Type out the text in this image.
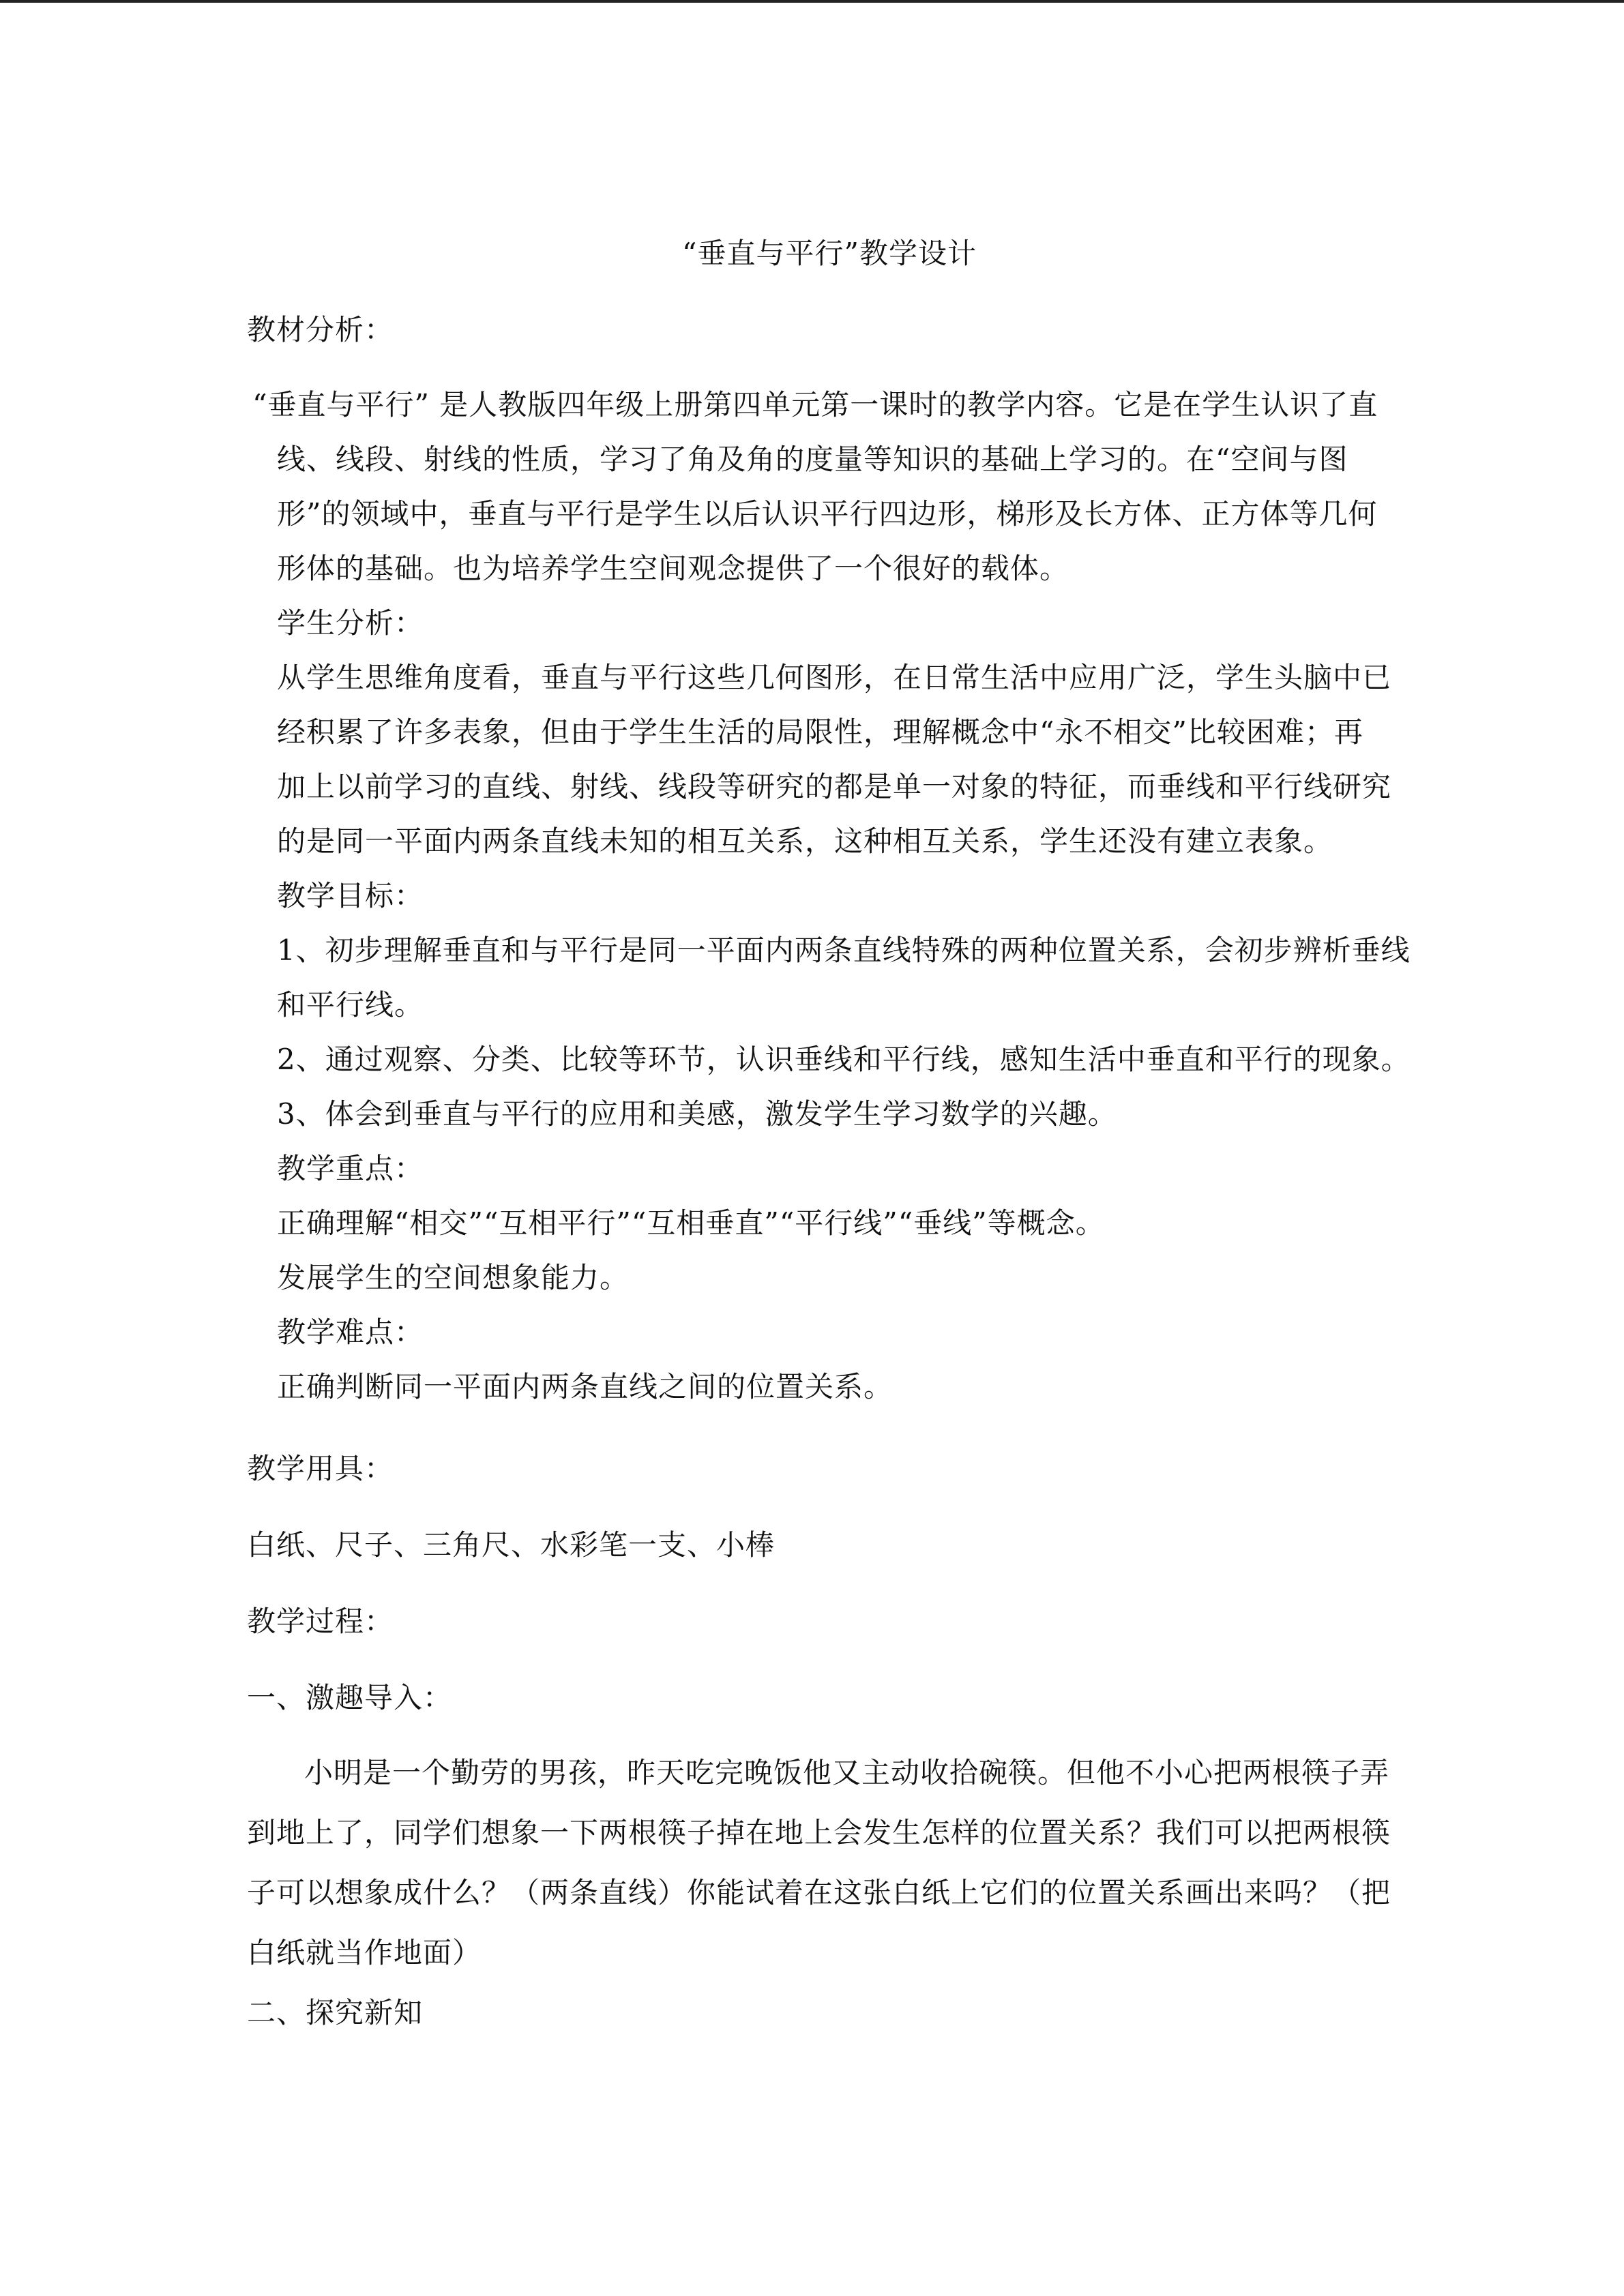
“垂直与平行”教学设计
教材分析：
“垂直与平行” 是人教版四年级上册第四单元第一课时的教学内容。它是在学生认识了直
线、线段、射线的性质，学习了角及角的度量等知识的基础上学习的。在“空间与图
形”的领域中，垂直与平行是学生以后认识平行四边形，梯形及长方体、正方体等几何
形体的基础。也为培养学生空间观念提供了一个很好的载体。
学生分析：
从学生思维角度看，垂直与平行这些几何图形，在日常生活中应用广泛，学生头脑中已
经积累了许多表象，但由于学生生活的局限性，理解概念中“永不相交”比较困难；再
加上以前学习的直线、射线、线段等研究的都是单一对象的特征，而垂线和平行线研究
的是同一平面内两条直线未知的相互关系，这种相互关系，学生还没有建立表象。
教学目标：
1、初步理解垂直和与平行是同一平面内两条直线特殊的两种位置关系，会初步辨析垂线
和平行线。
2、通过观察、分类、比较等环节，认识垂线和平行线，感知生活中垂直和平行的现象。
3、体会到垂直与平行的应用和美感，激发学生学习数学的兴趣。
教学重点：
正确理解“相交”“互相平行”“互相垂直”“平行线”“垂线”等概念。
发展学生的空间想象能力。
教学难点：
正确判断同一平面内两条直线之间的位置关系。
教学用具：
白纸、尺子、三角尺、水彩笔一支、小棒
教学过程：
一、激趣导入：
小明是一个勤劳的男孩，昨天吃完晚饭他又主动收拾碗筷。但他不小心把两根筷子弄
到地上了，同学们想象一下两根筷子掉在地上会发生怎样的位置关系？我们可以把两根筷
子可以想象成什么？（两条直线）你能试着在这张白纸上它们的位置关系画出来吗？（把
白纸就当作地面）
二、探究新知
